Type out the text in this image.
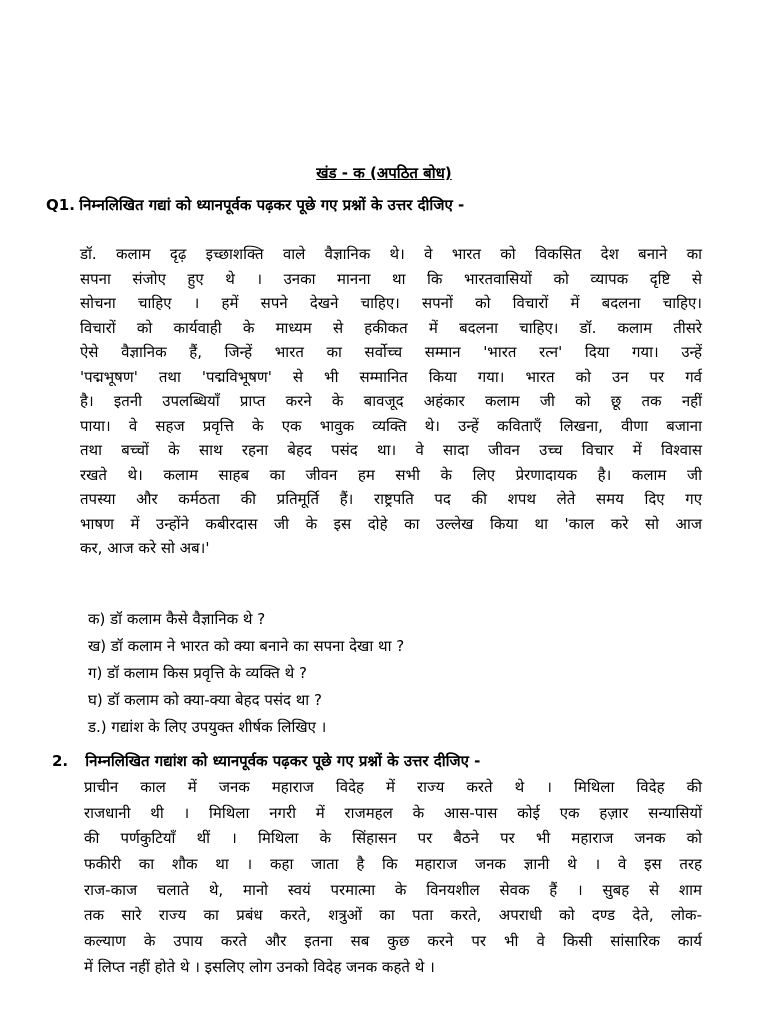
खंड - क (अपठित बोध)
Q1. निम्नलिखित गद्यां को ध्यानपूर्वक पढ़कर पूछे गए प्रश्नों के उत्तर दीजिए -
डॉ. कलाम दृढ़ इच्छाशक्ति वाले वैज्ञानिक थे। वे भारत को विकसित देश बनाने का
सपना संजोए हुए थे । उनका मानना था कि भारतवासियों को व्यापक दृष्टि से
सोचना चाहिए । हमें सपने देखने चाहिए। सपनों को विचारों में बदलना चाहिए।
विचारों को कार्यवाही के माध्यम से हकीकत में बदलना चाहिए। डॉ. कलाम तीसरे
ऐसे वैज्ञानिक हैं, जिन्हें भारत का सर्वोच्च सम्मान 'भारत रत्न' दिया गया। उन्हें
'पद्मभूषण' तथा 'पद्मविभूषण' से भी सम्मानित किया गया। भारत को उन पर गर्व
है। इतनी उपलब्धियाँ प्राप्त करने के बावजूद अहंकार कलाम जी को छू तक नहीं
पाया। वे सहज प्रवृत्ति के एक भावुक व्यक्ति थे। उन्हें कविताएँ लिखना, वीणा बजाना
तथा बच्चों के साथ रहना बेहद पसंद था। वे सादा जीवन उच्च विचार में विश्वास
रखते थे। कलाम साहब का जीवन हम सभी के लिए प्रेरणादायक है। कलाम जी
तपस्या और कर्मठता की प्रतिमूर्ति हैं। राष्ट्रपति पद की शपथ लेते समय दिए गए
भाषण में उन्होंने कबीरदास जी के इस दोहे का उल्लेख किया था 'काल करे सो आज
कर, आज करे सो अब।'
क) डॉ कलाम कैसे वैज्ञानिक थे ?
ख) डॉ कलाम ने भारत को क्या बनाने का सपना देखा था ?
ग) डॉ कलाम किस प्रवृत्ति के व्यक्ति थे ?
घ) डॉ कलाम को क्या-क्या बेहद पसंद था ?
ड.) गद्यांश के लिए उपयुक्त शीर्षक लिखिए ।
2. निम्नलिखित गद्यांश को ध्यानपूर्वक पढ़कर पूछे गए प्रश्नों के उत्तर दीजिए -
प्राचीन काल में जनक महाराज विदेह में राज्य करते थे । मिथिला विदेह की
राजधानी थी । मिथिला नगरी में राजमहल के आस-पास कोई एक हज़ार सन्यासियों
की पर्णकुटियाँ थीं । मिथिला के सिंहासन पर बैठने पर भी महाराज जनक को
फकीरी का शौक था । कहा जाता है कि महाराज जनक ज्ञानी थे । वे इस तरह
राज-काज चलाते थे, मानो स्वयं परमात्मा के विनयशील सेवक हैं । सुबह से शाम
तक सारे राज्य का प्रबंध करते, शत्रुओं का पता करते, अपराधी को दण्ड देते, लोक-
कल्याण के उपाय करते और इतना सब कुछ करने पर भी वे किसी सांसारिक कार्य
में लिप्त नहीं होते थे । इसलिए लोग उनको विदेह जनक कहते थे ।
